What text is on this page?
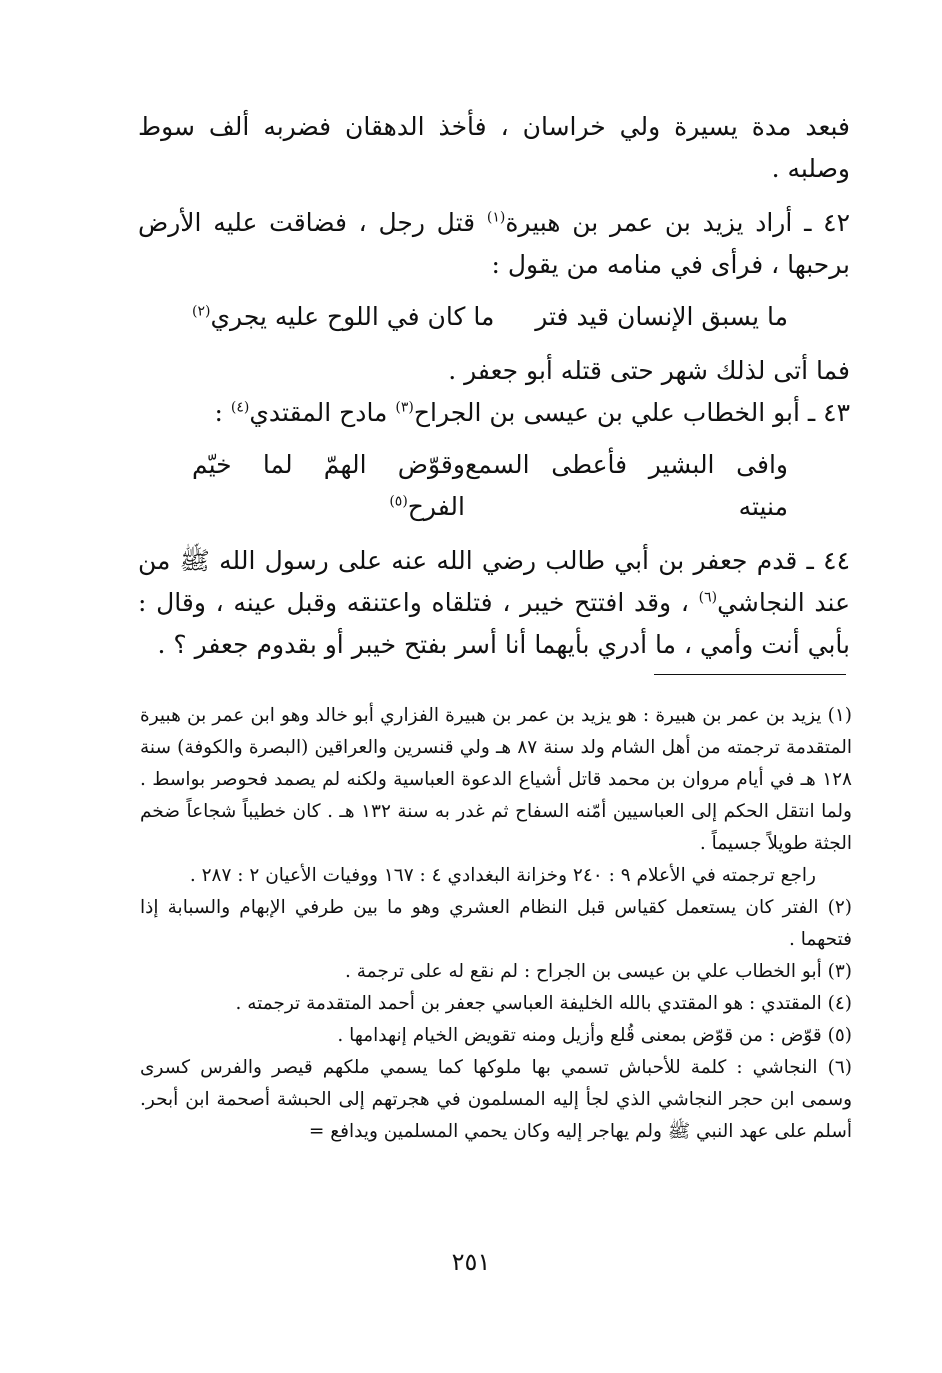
فبعد مدة يسيرة ولي خراسان ، فأخذ الدهقان فضربه ألف سوط وصلبه .

٤٢ ـ أراد يزيد بن عمر بن هبيرة$^{(١)}$ قتل رجل ، فضاقت عليه الأرض برحبها ، فرأى في منامه من يقول :

ما يسبق الإنسان قيد فتر
ما كان في اللوح عليه يجري$^{(٢)}$

فما أتى لذلك شهر حتى قتله أبو جعفر .

٤٣ ـ أبو الخطاب علي بن عيسى بن الجراح$^{(٣)}$ مادح المقتدي$^{(٤)}$ :

وافى البشير فأعطى السمع منيته
وقوّض الهمّ لما خيّم الفرح$^{(٥)}$

٤٤ ـ قدم جعفر بن أبي طالب رضي الله عنه على رسول الله ﷺ من عند النجاشي$^{(٦)}$ ، وقد افتتح خيبر ، فتلقاه واعتنقه وقبل عينه ، وقال : بأبي أنت وأمي ، ما أدري بأيهما أنا أسر بفتح خيبر أو بقدوم جعفر ؟ .

(١) يزيد بن عمر بن هبيرة : هو يزيد بن عمر بن هبيرة الفزاري أبو خالد وهو ابن عمر بن هبيرة المتقدمة ترجمته من أهل الشام ولد سنة ٨٧ هـ ولي قنسرين والعراقين (البصرة والكوفة) سنة ١٢٨ هـ في أيام مروان بن محمد قاتل أشياع الدعوة العباسية ولكنه لم يصمد فحوصر بواسط . ولما انتقل الحكم إلى العباسيين أمّنه السفاح ثم غدر به سنة ١٣٢ هـ . كان خطيباً شجاعاً ضخم الجثة طويلاً جسيماً .

راجع ترجمته في الأعلام ٩ : ٢٤٠ وخزانة البغدادي ٤ : ١٦٧ ووفيات الأعيان ٢ : ٢٨٧ .

(٢) الفتر كان يستعمل كقياس قبل النظام العشري وهو ما بين طرفي الإبهام والسبابة إذا فتحهما .

(٣) أبو الخطاب علي بن عيسى بن الجراح : لم نقع له على ترجمة .

(٤) المقتدي : هو المقتدي بالله الخليفة العباسي جعفر بن أحمد المتقدمة ترجمته .

(٥) قوّض : من قوّض بمعنى قُلع وأزيل ومنه تقويض الخيام إنهدامها .

(٦) النجاشي : كلمة للأحباش تسمي بها ملوكها كما يسمي ملكهم قيصر والفرس كسرى وسمى ابن حجر النجاشي الذي لجأ إليه المسلمون في هجرتهم إلى الحبشة أصحمة ابن أبحر. أسلم على عهد النبي ﷺ ولم يهاجر إليه وكان يحمي المسلمين ويدافع =

٢٥١
